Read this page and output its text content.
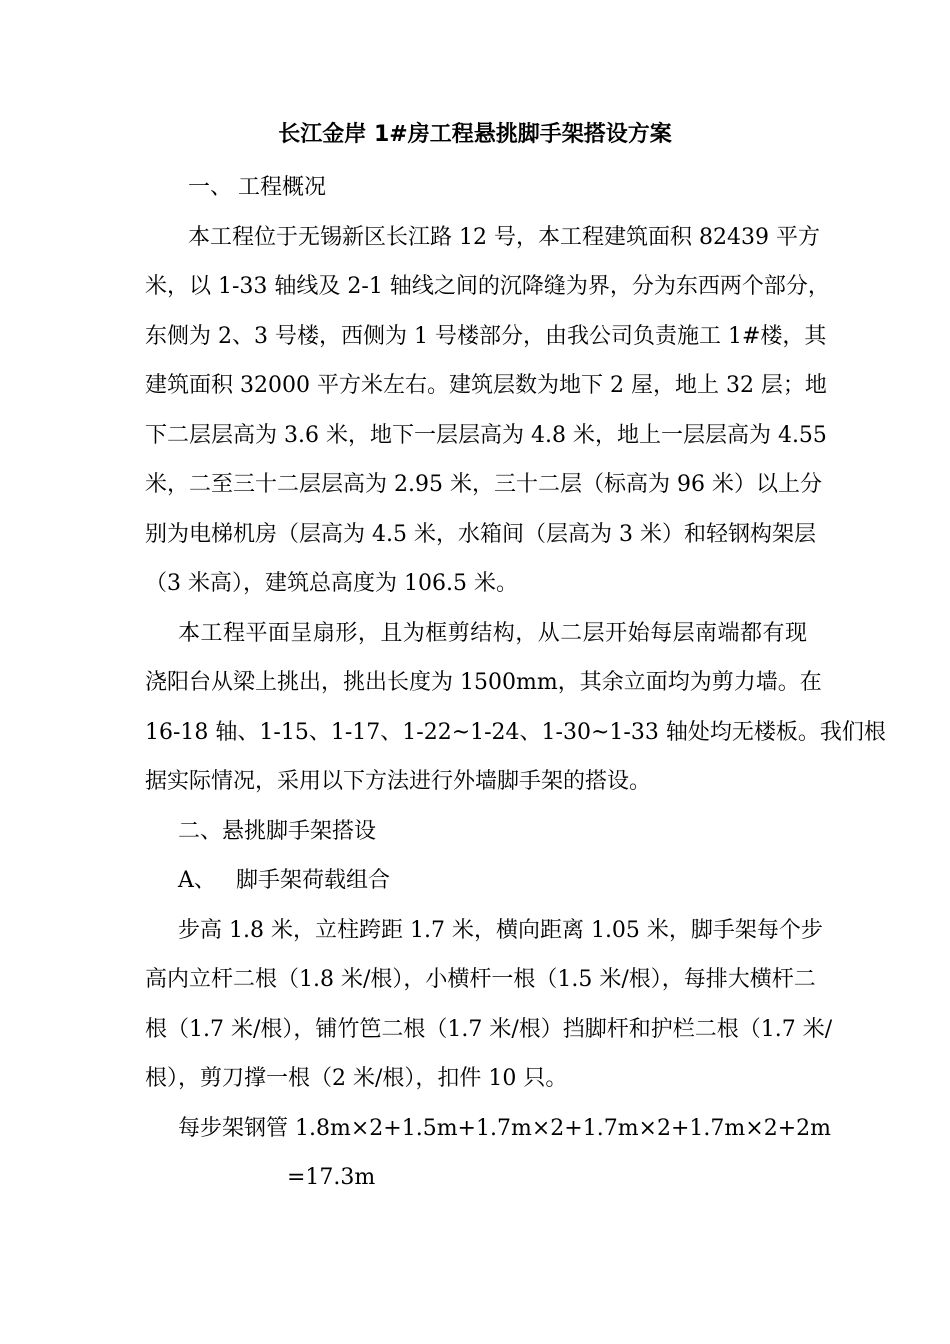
长江金岸 1#房工程悬挑脚手架搭设方案
一、 工程概况
本工程位于无锡新区长江路 12 号，本工程建筑面积 82439 平方
米，以 1-33 轴线及 2-1 轴线之间的沉降缝为界，分为东西两个部分，
东侧为 2、3 号楼，西侧为 1 号楼部分，由我公司负责施工 1#楼，其
建筑面积 32000 平方米左右。建筑层数为地下 2 屋，地上 32 层；地
下二层层高为 3.6 米，地下一层层高为 4.8 米，地上一层层高为 4.55
米，二至三十二层层高为 2.95 米，三十二层（标高为 96 米）以上分
别为电梯机房（层高为 4.5 米，水箱间（层高为 3 米）和轻钢构架层
（3 米高），建筑总高度为 106.5 米。
本工程平面呈扇形，且为框剪结构，从二层开始每层南端都有现
浇阳台从梁上挑出，挑出长度为 1500mm，其余立面均为剪力墙。在
16-18 轴、1-15、1-17、1-22~1-24、1-30~1-33 轴处均无楼板。我们根
据实际情况，采用以下方法进行外墙脚手架的搭设。
二、悬挑脚手架搭设
A、 脚手架荷载组合
步高 1.8 米，立柱跨距 1.7 米，横向距离 1.05 米，脚手架每个步
高内立杆二根（1.8 米/根），小横杆一根（1.5 米/根），每排大横杆二
根（1.7 米/根），铺竹笆二根（1.7 米/根）挡脚杆和护栏二根（1.7 米/
根），剪刀撑一根（2 米/根），扣件 10 只。
每步架钢管 1.8m×2+1.5m+1.7m×2+1.7m×2+1.7m×2+2m
=17.3m
